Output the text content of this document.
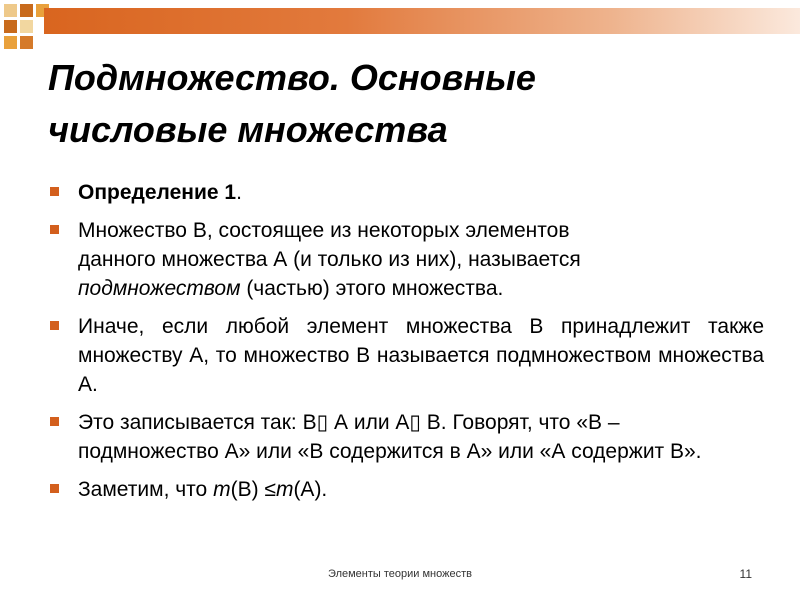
Подмножество. Основные
числовые множества
Определение 1.
Множество В, состоящее из некоторых элементов
данного множества А (и только из них), называется
подмножеством (частью) этого множества.
Иначе, если любой элемент множества В принадлежит также множеству А, то множество В называется подмножеством множества А.
Это записывается так: В▯ А или А▯ В. Говорят, что «В – подмножество А» или «В содержится в А» или «А содержит В».
Заметим, что m(В) ≤m(А).
Элементы теории множеств	11
